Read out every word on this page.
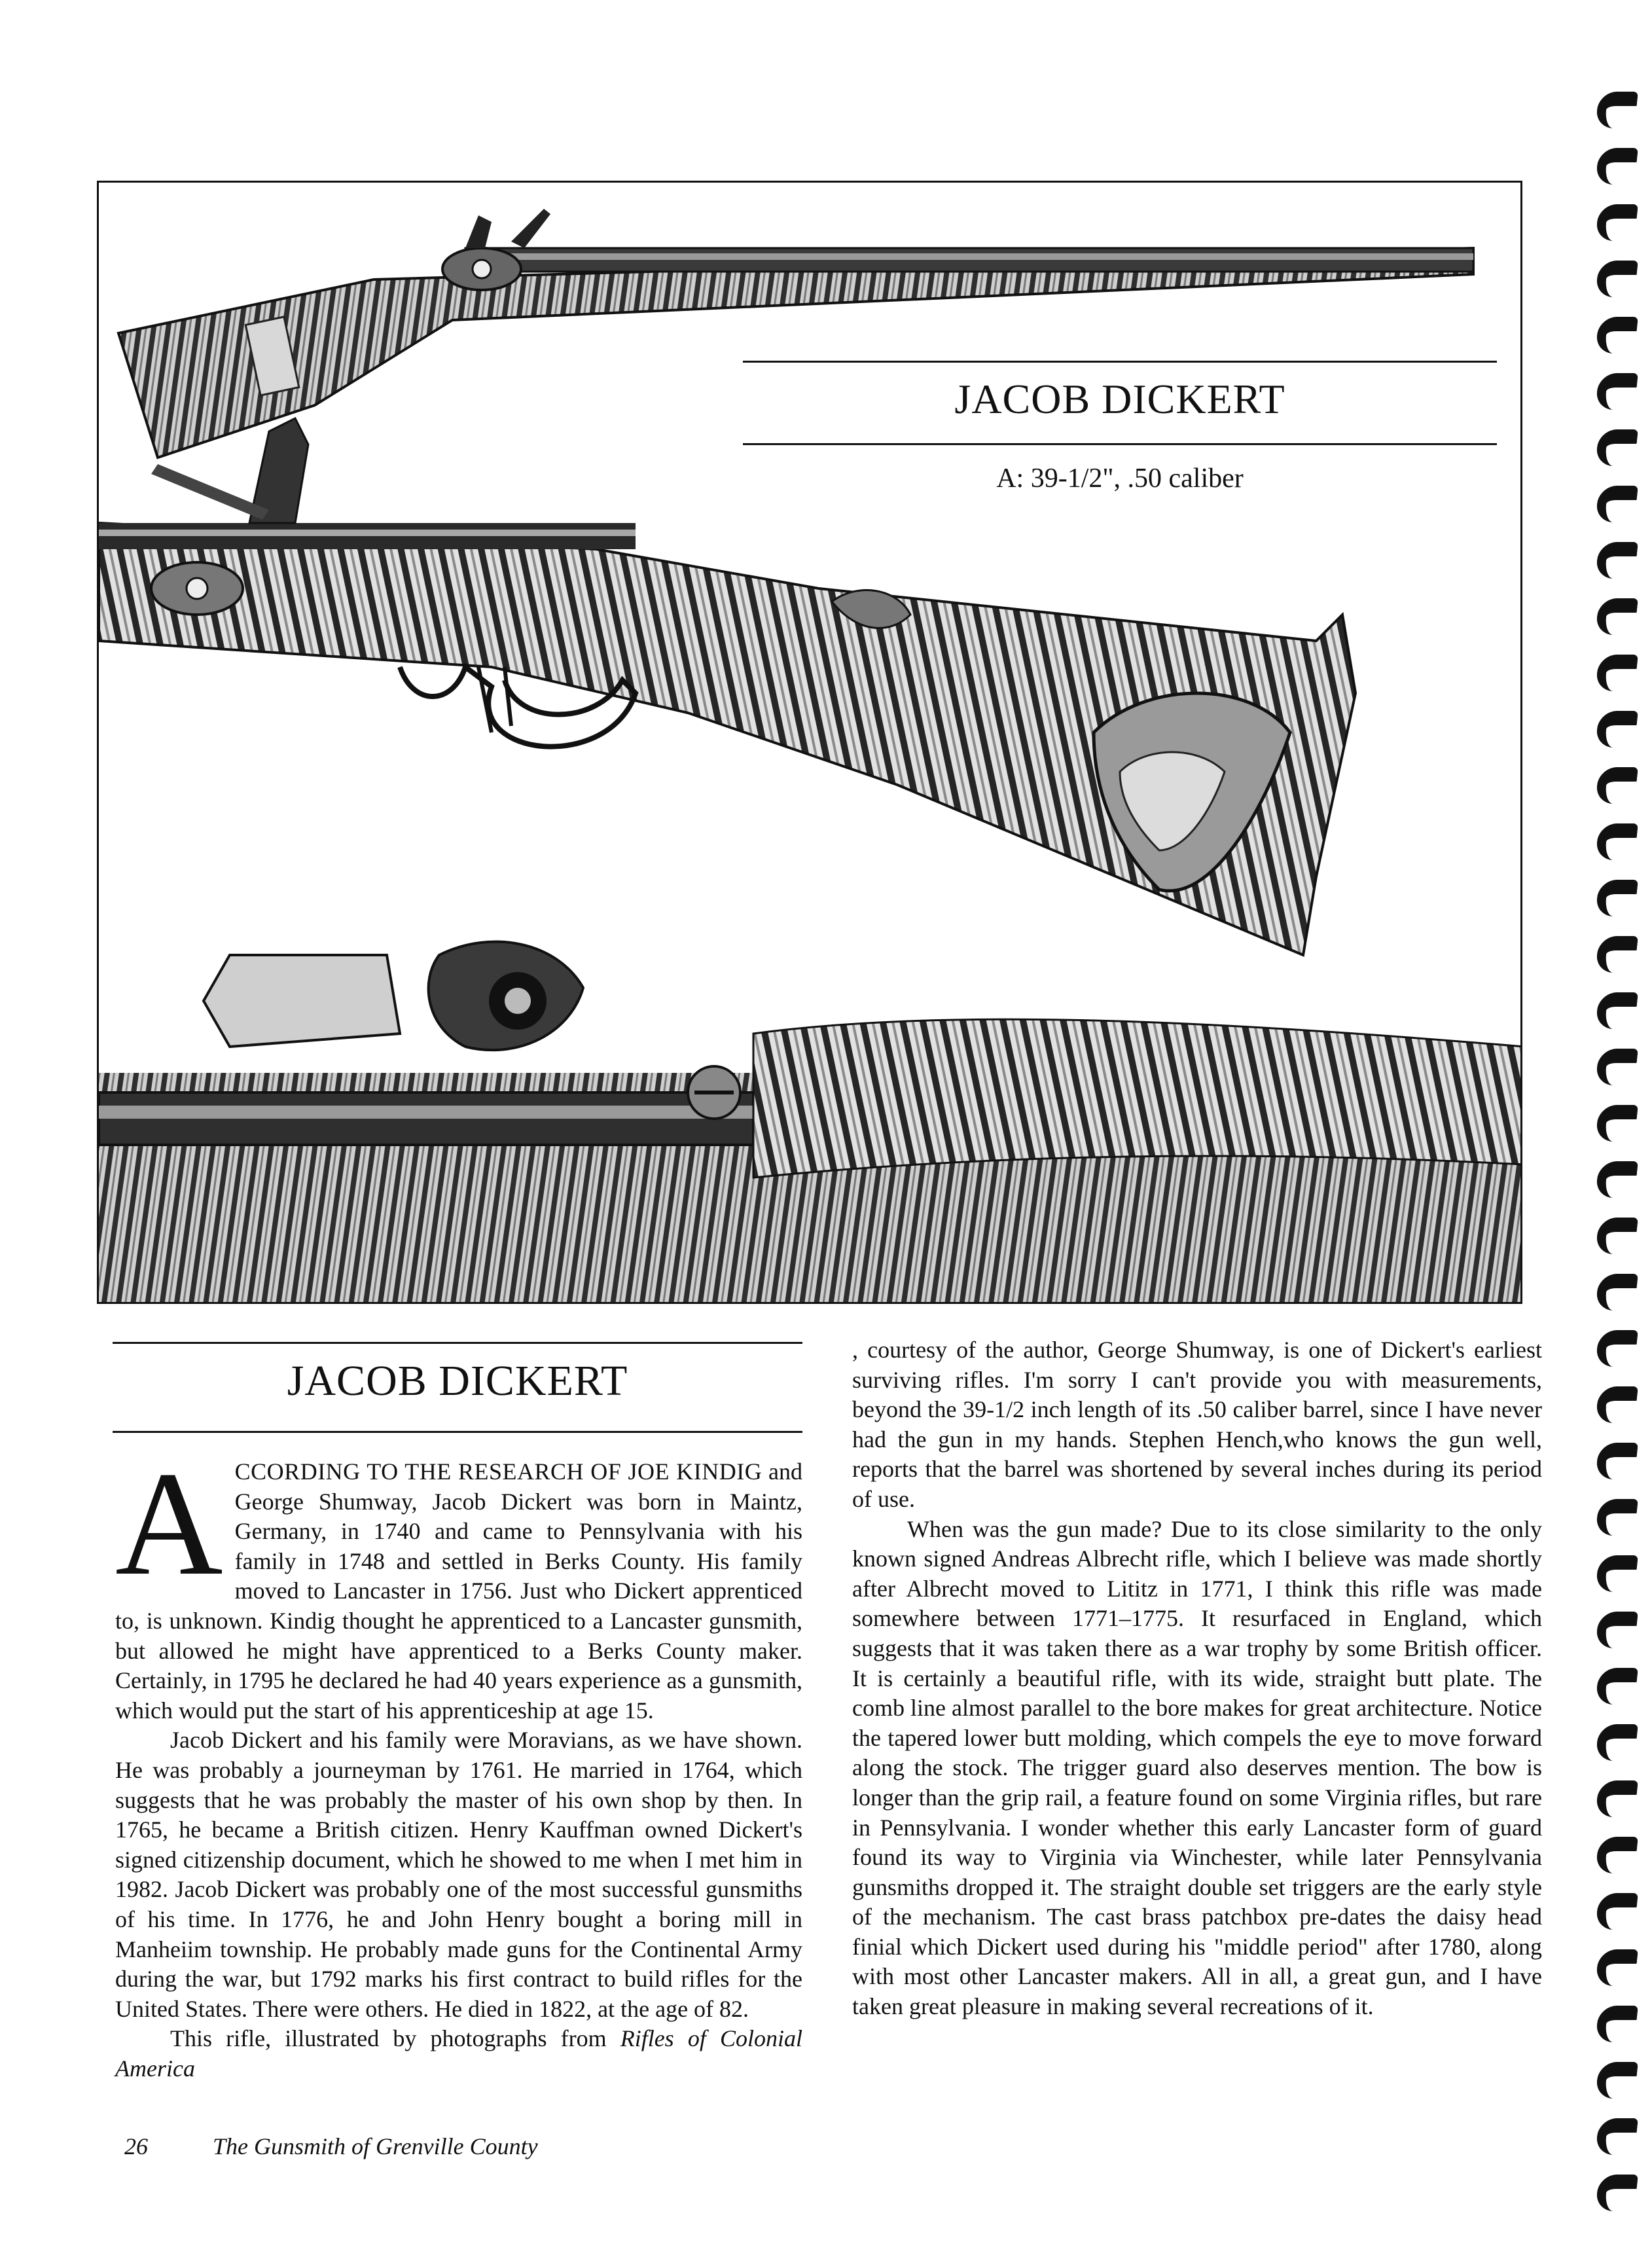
JACOB DICKERT
A: 39-1/2", .50 caliber
JACOB DICKERT

ACCORDING TO THE RESEARCH OF JOE KINDIG and George Shumway, Jacob Dickert was born in Maintz, Germany, in 1740 and came to Pennsylvania with his family in 1748 and settled in Berks County. His family moved to Lancaster in 1756. Just who Dickert apprenticed to, is unknown. Kindig thought he apprenticed to a Lancaster gunsmith, but allowed he might have apprenticed to a Berks County maker. Certainly, in 1795 he declared he had 40 years experience as a gunsmith, which would put the start of his apprenticeship at age 15.

Jacob Dickert and his family were Moravians, as we have shown. He was probably a journeyman by 1761. He married in 1764, which suggests that he was probably the master of his own shop by then. In 1765, he became a British citizen. Henry Kauffman owned Dickert's signed citizenship document, which he showed to me when I met him in 1982. Jacob Dickert was probably one of the most successful gunsmiths of his time. In 1776, he and John Henry bought a boring mill in Manheiim township. He probably made guns for the Continental Army during the war, but 1792 marks his first contract to build rifles for the United States. There were others. He died in 1822, at the age of 82.

This rifle, illustrated by photographs from Rifles of Colonial America

, courtesy of the author, George Shumway, is one of Dickert's earliest surviving rifles. I'm sorry I can't provide you with measurements, beyond the 39-1/2 inch length of its .50 caliber barrel, since I have never had the gun in my hands. Stephen Hench,who knows the gun well, reports that the barrel was shortened by several inches during its period of use.

When was the gun made? Due to its close similarity to the only known signed Andreas Albrecht rifle, which I believe was made shortly after Albrecht moved to Lititz in 1771, I think this rifle was made somewhere between 1771–1775. It resurfaced in England, which suggests that it was taken there as a war trophy by some British officer. It is certainly a beautiful rifle, with its wide, straight butt plate. The comb line almost parallel to the bore makes for great architecture. Notice the tapered lower butt molding, which compels the eye to move forward along the stock. The trigger guard also deserves mention. The bow is longer than the grip rail, a feature found on some Virginia rifles, but rare in Pennsylvania. I wonder whether this early Lancaster form of guard found its way to Virginia via Winchester, while later Pennsylvania gunsmiths dropped it. The straight double set triggers are the early style of the mechanism. The cast brass patchbox pre-dates the daisy head finial which Dickert used during his "middle period" after 1780, along with most other Lancaster makers. All in all, a great gun, and I have taken great pleasure in making several recreations of it.

26	The Gunsmith of Grenville County
